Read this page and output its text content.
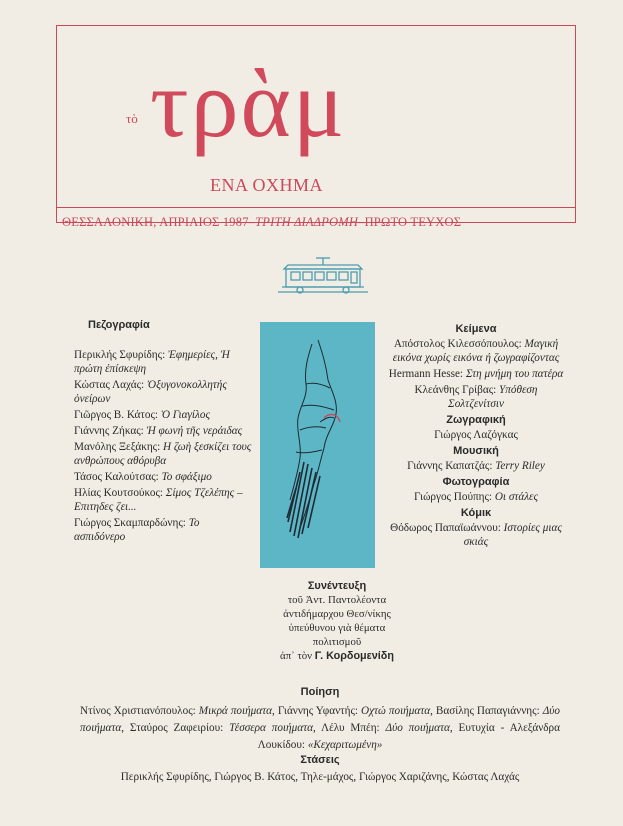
τὸ τρὰμ
ΕΝΑ ΟΧΗΜΑ
ΘΕΣΣΑΛΟΝΙΚΗ, ΑΠΡΙΛΙΟΣ 1987–ΤΡΙΤΗ ΔΙΑΔΡΟΜΗ–ΠΡΩΤΟ ΤΕΥΧΟΣ
Πεζογραφία
Περικλής Σφυρίδης: Ἐφημερίες, Ἡ πρώτη ἐπίσκεψη
Κώστας Λαχάς: Ὀξυγονοκολλητής ὀνείρων
Γιῶργος Β. Κάτος: Ὁ Γιαγίλος
Γιάννης Ζήκας: Ἡ φωνή τῆς νεράιδας
Μανόλης Ξεξάκης: Η ζωὴ ξεσκίζει τους ανθρώπους αθόρυβα
Τάσος Καλούτσας: Το σφάξιμο
Ηλίας Κουτσούκος: Σίμος Τζελέπης – Επιτηδες ζει...
Γιώργος Σκαμπαρδώνης: Το ασπιδόνερο
Συνέντευξη
τοῦ Ἀντ. Παντολέοντα
ἀντιδήμαρχου Θεσ/νίκης
ὑπεύθυνου γιὰ θέματα
πολιτισμοῦ
ἀπ᾽ τὸν Γ. Κορδομενίδη
Κείμενα
Απόστολος Κιλεσσόπουλος: Μαγική εικόνα χωρίς εικόνα ή ζωγραφίζοντας
Hermann Hesse: Στη μνήμη του πατέρα
Κλεάνθης Γρίβας: Υπόθεση Σολτζενίτσιν
Ζωγραφική
Γιώργος Λαζόγκας
Μουσική
Γιάννης Καπατζάς: Terry Riley
Φωτογραφία
Γιώργος Πούπης: Οι στάλες
Κόμικ
Θόδωρος Παπαϊωάννου: Ιστορίες μιας σκιάς
Ποίηση
Ντίνος Χριστιανόπουλος: Μικρά ποιήματα, Γιάννης Υφαντής: Οχτώ ποιήματα, Βασίλης Παπαγιάννης: Δύο ποιήματα, Σταύρος Ζαφειρίου: Τέσσερα ποιήματα, Λέλυ Μπέη: Δύο ποιήματα, Ευτυχία - Αλεξάνδρα Λουκίδου: «Κεχαριτωμένη»
Στάσεις
Περικλής Σφυρίδης, Γιώργος Β. Κάτος, Τηλε-μάχος, Γιώργος Χαριζάνης, Κώστας Λαχάς
